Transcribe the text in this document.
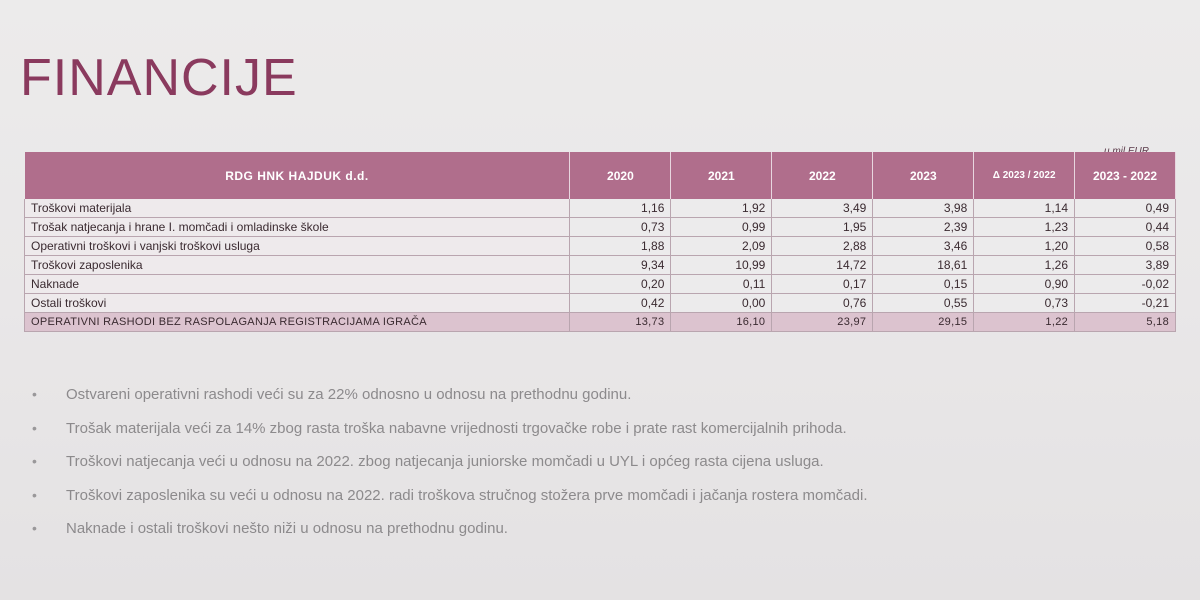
FINANCIJE
RDG HNK HAJDUK d.d.	2020	2021	2022	2023	Δ 2023 / 2022	2023 - 2022
Troškovi materijala	1,16	1,92	3,49	3,98	1,14	0,49
Trošak natjecanja i hrane I. momčadi i omladinske škole	0,73	0,99	1,95	2,39	1,23	0,44
Operativni troškovi i vanjski troškovi usluga	1,88	2,09	2,88	3,46	1,20	0,58
Troškovi zaposlenika	9,34	10,99	14,72	18,61	1,26	3,89
Naknade	0,20	0,11	0,17	0,15	0,90	-0,02
Ostali troškovi	0,42	0,00	0,76	0,55	0,73	-0,21
OPERATIVNI RASHODI BEZ RASPOLAGANJA REGISTRACIJAMA IGRAČA	13,73	16,10	23,97	29,15	1,22	5,18
•	Ostvareni operativni rashodi veći su za 22% odnosno u odnosu na prethodnu godinu.
•	Trošak materijala veći za 14% zbog rasta troška nabavne vrijednosti trgovačke robe i prate rast komercijalnih prihoda.
•	Troškovi natjecanja veći u odnosu na 2022. zbog natjecanja juniorske momčadi u UYL i općeg rasta cijena usluga.
•	Troškovi zaposlenika su veći u odnosu na 2022. radi troškova stručnog stožera prve momčadi i jačanja rostera momčadi.
•	Naknade i ostali troškovi nešto niži u odnosu na prethodnu godinu.
